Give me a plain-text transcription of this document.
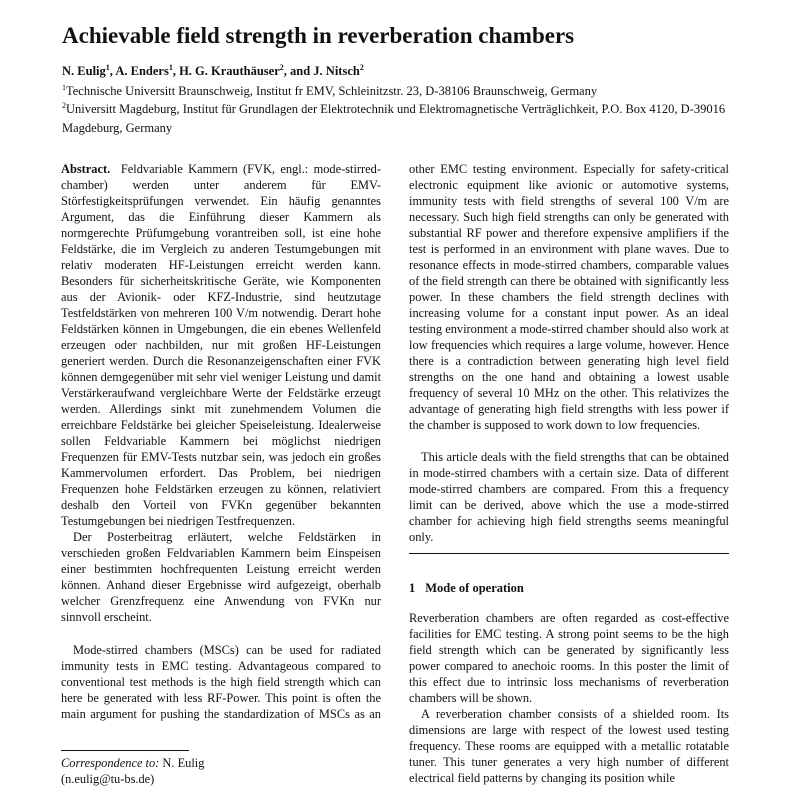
Achievable field strength in reverberation chambers
N. Eulig$^1$, A. Enders$^1$, H. G. Krauthäuser$^2$, and J. Nitsch$^2$

$^1$Technische Universitt Braunschweig, Institut fr EMV, Schleinitzstr. 23, D-38106 Braunschweig, Germany

$^2$Universitt Magdeburg, Institut für Grundlagen der Elektrotechnik und Elektromagnetische Verträglichkeit, P.O. Box 4120, D-39016 Magdeburg, Germany

Abstract. Feldvariable Kammern (FVK, engl.: mode-stirred-chamber) werden unter anderem für EMV-Störfestigkeitsprüfungen verwendet. Ein häufig genanntes Argument, das die Einführung dieser Kammern als normgerechte Prüfumgebung vorantreiben soll, ist eine hohe Feldstärke, die im Vergleich zu anderen Testumgebungen mit relativ moderaten HF-Leistungen erreicht werden kann. Besonders für sicherheitskritische Geräte, wie Komponenten aus der Avionik- oder KFZ-Industrie, sind heutzutage Testfeldstärken von mehreren 100 V/m notwendig. Derart hohe Feldstärken können in Umgebungen, die ein ebenes Wellenfeld erzeugen oder nachbilden, nur mit großen HF-Leistungen generiert werden. Durch die Resonanzeigenschaften einer FVK können demgegenüber mit sehr viel weniger Leistung und damit Verstärkeraufwand vergleichbare Werte der Feldstärke erzeugt werden. Allerdings sinkt mit zunehmendem Volumen die erreichbare Feldstärke bei gleicher Speiseleistung. Idealerweise sollen Feldvariable Kammern bei möglichst niedrigen Frequenzen für EMV-Tests nutzbar sein, was jedoch ein großes Kammervolumen erfordert. Das Problem, bei niedrigen Frequenzen hohe Feldstärken erzeugen zu können, relativiert deshalb den Vorteil von FVKn gegenüber bekannten Testumgebungen bei niedrigen Testfrequenzen.

Der Posterbeitrag erläutert, welche Feldstärken in verschieden großen Feldvariablen Kammern beim Einspeisen einer bestimmten hochfrequenten Leistung erreicht werden können. Anhand dieser Ergebnisse wird aufgezeigt, oberhalb welcher Grenzfrequenz eine Anwendung von FVKn nur sinnvoll erscheint.

Mode-stirred chambers (MSCs) can be used for radiated immunity tests in EMC testing. Advantageous compared to conventional test methods is the high field strength which can here be generated with less RF-Power. This point is often the main argument for pushing the standardization of MSCs as an

other EMC testing environment. Especially for safety-critical electronic equipment like avionic or automotive systems, immunity tests with field strengths of several 100 V/m are necessary. Such high field strengths can only be generated with substantial RF power and therefore expensive amplifiers if the test is performed in an environment with plane waves. Due to resonance effects in mode-stirred chambers, comparable values of the field strength can there be obtained with significantly less power. In these chambers the field strength declines with increasing volume for a constant input power. As an ideal testing environment a mode-stirred chamber should also work at low frequencies which requires a large volume, however. Hence there is a contradiction between generating high level field strengths on the one hand and obtaining a lowest usable frequency of several 10 MHz on the other. This relativizes the advantage of generating high field strengths with less power if the chamber is supposed to work down to low frequencies.

This article deals with the field strengths that can be obtained in mode-stirred chambers with a certain size. Data of different mode-stirred chambers are compared. From this a frequency limit can be derived, above which the use a mode-stirred chamber for achieving high field strengths seems meaningful only.

1 Mode of operation

Reverberation chambers are often regarded as cost-effective facilities for EMC testing. A strong point seems to be the high field strength which can be generated by significantly less power compared to anechoic rooms. In this poster the limit of this effect due to intrinsic loss mechanisms of reverberation chambers will be shown.

A reverberation chamber consists of a shielded room. Its dimensions are large with respect of the lowest used testing frequency. These rooms are equipped with a metallic rotatable tuner. This tuner generates a very high number of different electrical field patterns by changing its position while

Correspondence to: N. Eulig
(n.eulig@tu-bs.de)
